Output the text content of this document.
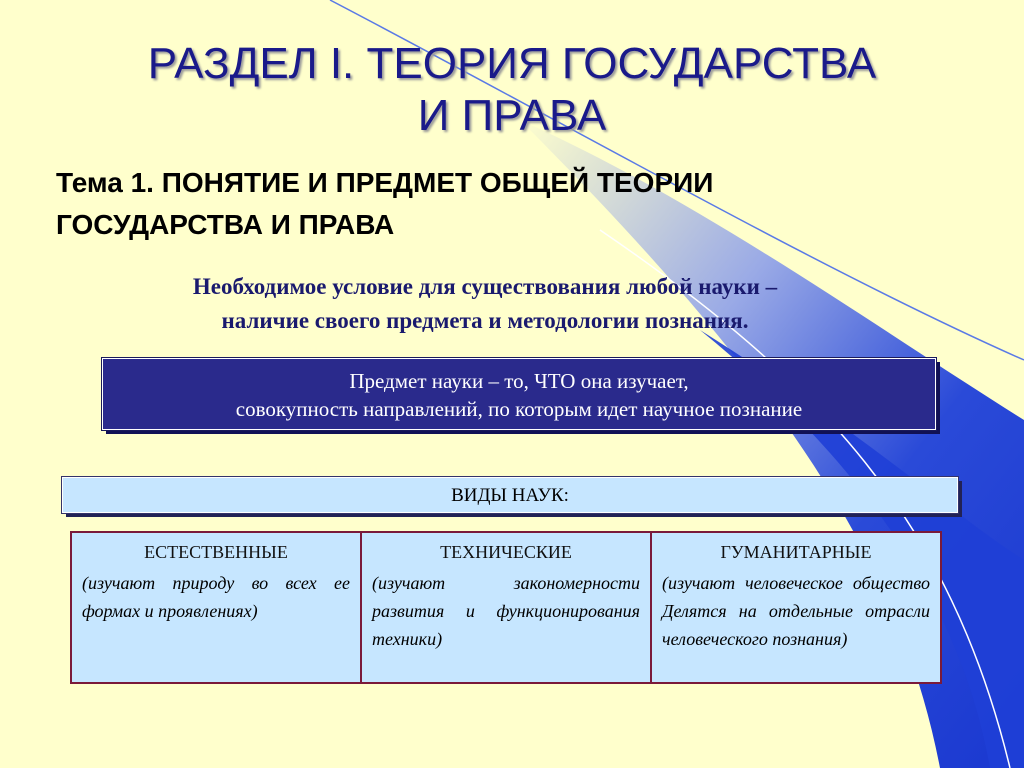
РАЗДЕЛ I. ТЕОРИЯ ГОСУДАРСТВА
И ПРАВА
Тема 1. ПОНЯТИЕ И ПРЕДМЕТ ОБЩЕЙ ТЕОРИИ
ГОСУДАРСТВА И ПРАВА
Необходимое условие для существования любой науки –
наличие своего предмета и методологии познания.
Предмет науки – то, ЧТО она изучает,
совокупность направлений, по которым идет научное познание
ВИДЫ НАУК:
ЕСТЕСТВЕННЫЕ
(изучают природу во всех ее формах и проявлениях)

ТЕХНИЧЕСКИЕ
(изучают закономерности развития и функционирования техники)

ГУМАНИТАРНЫЕ
(изучают человеческое общество Делятся на отдельные отрасли человеческого познания)
